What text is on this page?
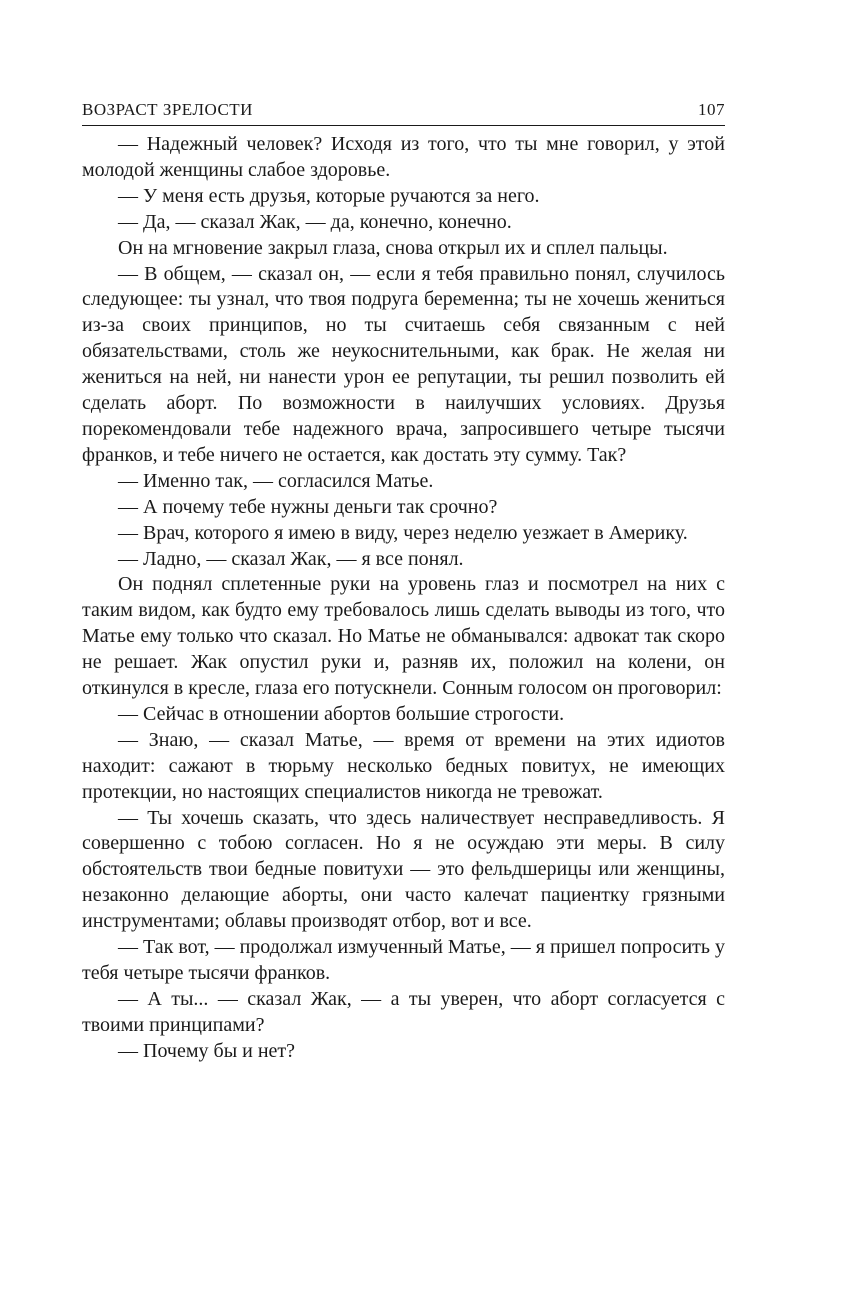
ВОЗРАСТ ЗРЕЛОСТИ	107

— Надежный человек? Исходя из того, что ты мне говорил, у этой молодой женщины слабое здоровье.

— У меня есть друзья, которые ручаются за него.

— Да, — сказал Жак, — да, конечно, конечно.

Он на мгновение закрыл глаза, снова открыл их и сплел пальцы.

— В общем, — сказал он, — если я тебя правильно понял, случилось следующее: ты узнал, что твоя подруга беременна; ты не хочешь жениться из-за своих принципов, но ты считаешь себя связанным с ней обязательствами, столь же неукоснительными, как брак. Не желая ни жениться на ней, ни нанести урон ее репутации, ты решил позволить ей сделать аборт. По возможности в наилучших условиях. Друзья порекомендовали тебе надежного врача, запросившего четыре тысячи франков, и тебе ничего не остается, как достать эту сумму. Так?

— Именно так, — согласился Матье.

— А почему тебе нужны деньги так срочно?

— Врач, которого я имею в виду, через неделю уезжает в Америку.

— Ладно, — сказал Жак, — я все понял.

Он поднял сплетенные руки на уровень глаз и посмотрел на них с таким видом, как будто ему требовалось лишь сделать выводы из того, что Матье ему только что сказал. Но Матье не обманывался: адвокат так скоро не решает. Жак опустил руки и, разняв их, положил на колени, он откинулся в кресле, глаза его потускнели. Сонным голосом он проговорил:

— Сейчас в отношении абортов большие строгости.

— Знаю, — сказал Матье, — время от времени на этих идиотов находит: сажают в тюрьму несколько бедных повитух, не имеющих протекции, но настоящих специалистов никогда не тревожат.

— Ты хочешь сказать, что здесь наличествует несправедливость. Я совершенно с тобою согласен. Но я не осуждаю эти меры. В силу обстоятельств твои бедные повитухи — это фельдшерицы или женщины, незаконно делающие аборты, они часто калечат пациентку грязными инструментами; облавы производят отбор, вот и все.

— Так вот, — продолжал измученный Матье, — я пришел попросить у тебя четыре тысячи франков.

— А ты... — сказал Жак, — а ты уверен, что аборт согласуется с твоими принципами?

— Почему бы и нет?
